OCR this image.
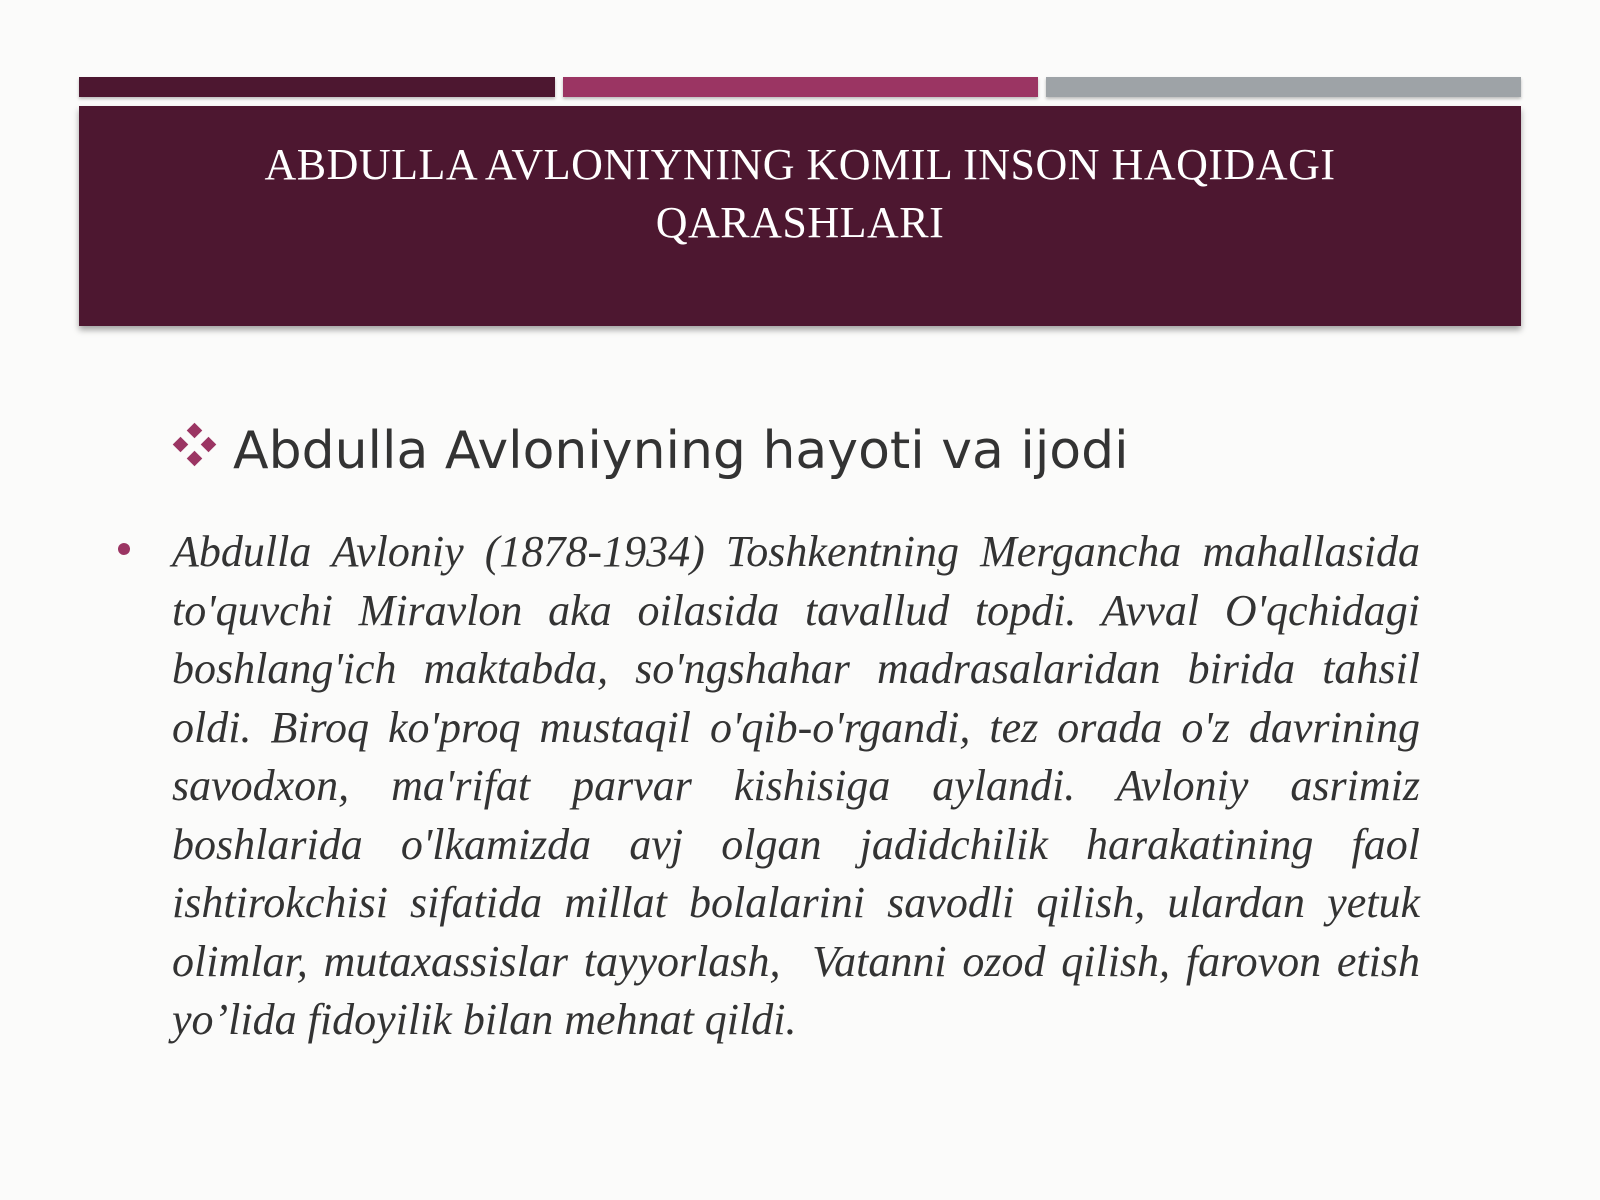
ABDULLA AVLONIYNING KOMIL INSON HAQIDAGI QARASHLARI
Abdulla Avloniyning hayoti va ijodi
Abdulla Avloniy (1878-1934) Toshkentning Mergancha mahallasida to'quvchi Miravlon aka oilasida tavallud topdi. Avval O'qchidagi boshlang'ich maktabda, so'ngshahar madrasalaridan birida tahsil oldi. Biroq ko'proq mustaqil o'qib-o'rgandi, tez orada o'z davrining savodxon, ma'rifat parvar kishisiga aylandi. Avloniy asrimiz boshlarida o'lkamizda avj olgan jadidchilik harakatining faol ishtirokchisi sifatida millat bolalarini savodli qilish, ulardan yetuk olimlar, mutaxassislar tayyorlash,  Vatanni ozod qilish, farovon etish yo’lida fidoyilik bilan mehnat qildi.
